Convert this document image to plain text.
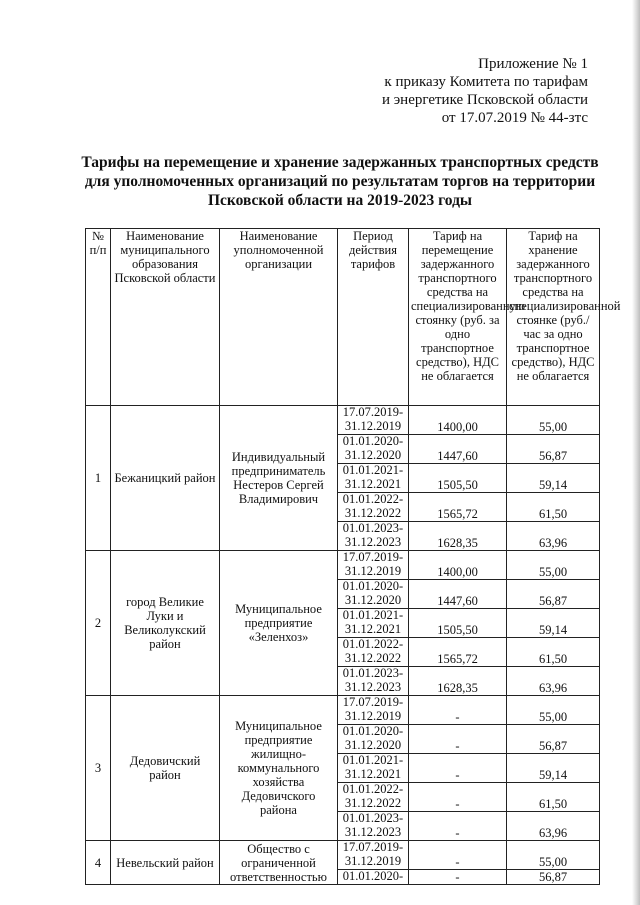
Приложение № 1
к приказу Комитета по тарифам
и энергетике Псковской области
от 17.07.2019 № 44-зтс
Тарифы на перемещение и хранение задержанных транспортных средств
для уполномоченных организаций по результатам торгов на территории
Псковской области на 2019-2023 годы
№ п/п	Наименование муниципального образования Псковской области	Наименование уполномоченной организации	Период действия тарифов	Тариф на перемещение задержанного транспортного средства на специализированную стоянку (руб. за одно транспортное средство), НДС не облагается	Тариф на хранение задержанного транспортного средства на специализированной стоянке (руб./час за одно транспортное средство), НДС не облагается
1	Бежаницкий район	Индивидуальный предприниматель Нестеров Сергей Владимирович	17.07.2019-31.12.2019	1400,00	55,00
			01.01.2020-31.12.2020	1447,60	56,87
			01.01.2021-31.12.2021	1505,50	59,14
			01.01.2022-31.12.2022	1565,72	61,50
			01.01.2023-31.12.2023	1628,35	63,96
2	город Великие Луки и Великолукский район	Муниципальное предприятие «Зеленхоз»	17.07.2019-31.12.2019	1400,00	55,00
			01.01.2020-31.12.2020	1447,60	56,87
			01.01.2021-31.12.2021	1505,50	59,14
			01.01.2022-31.12.2022	1565,72	61,50
			01.01.2023-31.12.2023	1628,35	63,96
3	Дедовичский район	Муниципальное предприятие жилищно-коммунального хозяйства Дедовичского района	17.07.2019-31.12.2019	-	55,00
			01.01.2020-31.12.2020	-	56,87
			01.01.2021-31.12.2021	-	59,14
			01.01.2022-31.12.2022	-	61,50
			01.01.2023-31.12.2023	-	63,96
4	Невельский район	Общество с ограниченной ответственностью	17.07.2019-31.12.2019	-	55,00
			01.01.2020-	-	56,87
